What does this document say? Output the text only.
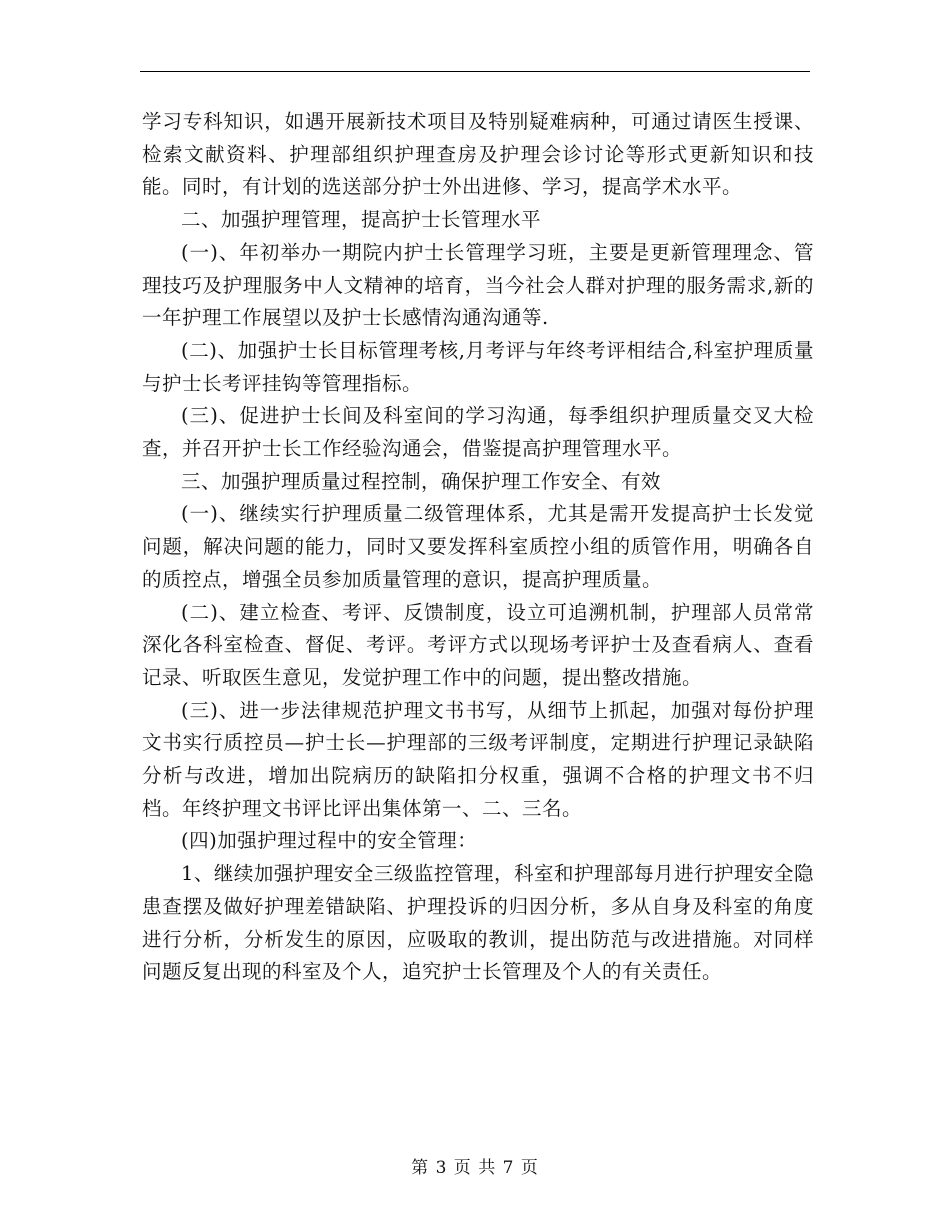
学习专科知识，如遇开展新技术项目及特别疑难病种，可通过请医生授课、检索文献资料、护理部组织护理查房及护理会诊讨论等形式更新知识和技能。同时，有计划的选送部分护士外出进修、学习，提高学术水平。

二、加强护理管理，提高护士长管理水平

(一)、年初举办一期院内护士长管理学习班，主要是更新管理理念、管理技巧及护理服务中人文精神的培育，当今社会人群对护理的服务需求,新的一年护理工作展望以及护士长感情沟通沟通等.

(二)、加强护士长目标管理考核,月考评与年终考评相结合,科室护理质量与护士长考评挂钩等管理指标。

(三)、促进护士长间及科室间的学习沟通，每季组织护理质量交叉大检查，并召开护士长工作经验沟通会，借鉴提高护理管理水平。

三、加强护理质量过程控制，确保护理工作安全、有效

(一)、继续实行护理质量二级管理体系，尤其是需开发提高护士长发觉问题，解决问题的能力，同时又要发挥科室质控小组的质管作用，明确各自的质控点，增强全员参加质量管理的意识，提高护理质量。

(二)、建立检查、考评、反馈制度，设立可追溯机制，护理部人员常常深化各科室检查、督促、考评。考评方式以现场考评护士及查看病人、查看记录、听取医生意见，发觉护理工作中的问题，提出整改措施。

(三)、进一步法律规范护理文书书写，从细节上抓起，加强对每份护理文书实行质控员—护士长—护理部的三级考评制度，定期进行护理记录缺陷分析与改进，增加出院病历的缺陷扣分权重，强调不合格的护理文书不归档。年终护理文书评比评出集体第一、二、三名。

(四)加强护理过程中的安全管理：

1、继续加强护理安全三级监控管理，科室和护理部每月进行护理安全隐患查摆及做好护理差错缺陷、护理投诉的归因分析，多从自身及科室的角度进行分析，分析发生的原因，应吸取的教训，提出防范与改进措施。对同样问题反复出现的科室及个人，追究护士长管理及个人的有关责任。

第 3 页 共 7 页
